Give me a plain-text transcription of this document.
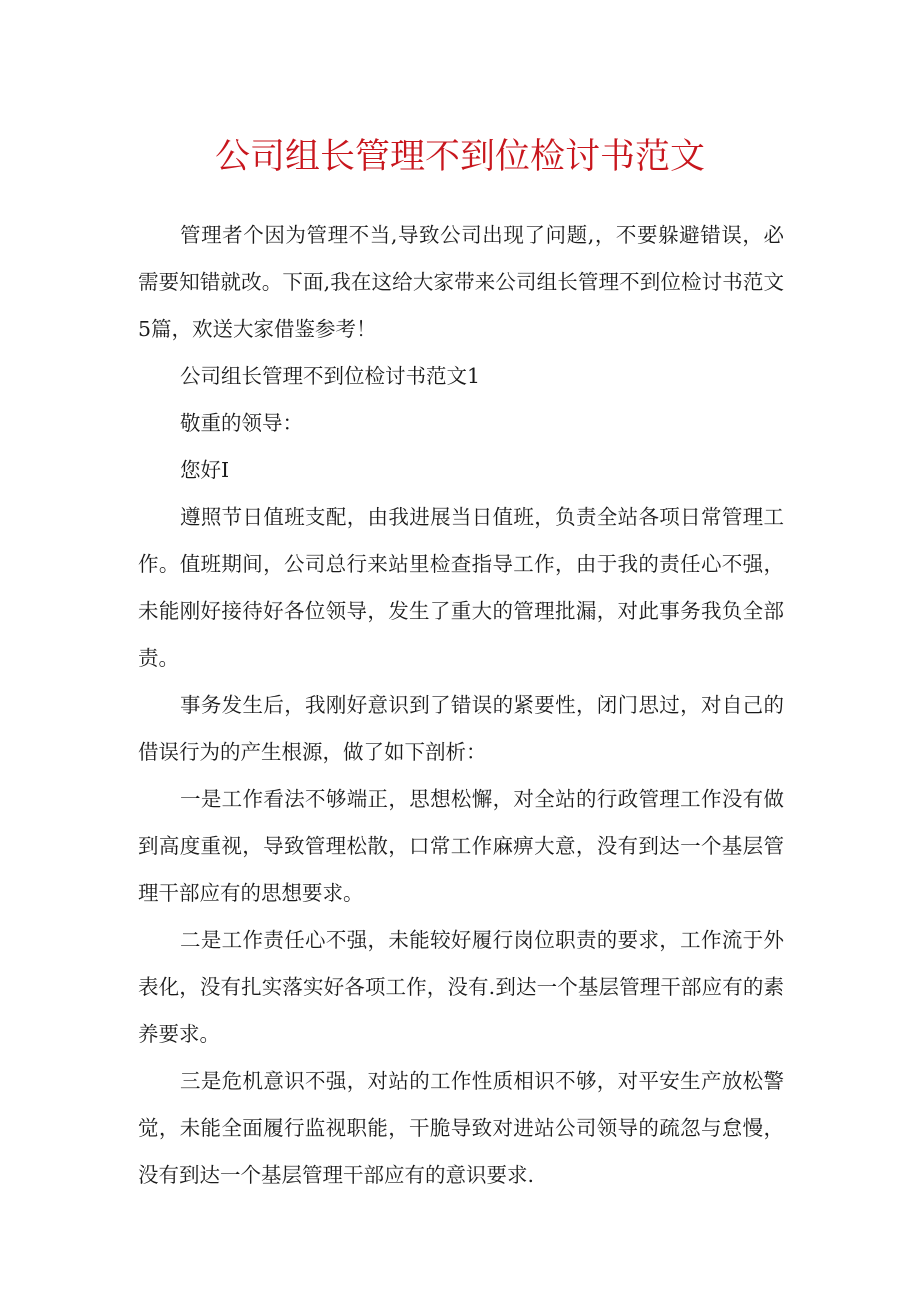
公司组长管理不到位检讨书范文

管理者个因为管理不当,导致公司出现了问题,，不要躲避错误，必需要知错就改。下面,我在这给大家带来公司组长管理不到位检讨书范文5篇，欢送大家借鉴参考！

公司组长管理不到位检讨书范文1

敬重的领导：

您好I

遵照节日值班支配，由我进展当日值班，负责全站各项日常管理工作。值班期间，公司总行来站里检查指导工作，由于我的责任心不强，未能刚好接待好各位领导，发生了重大的管理批漏，对此事务我负全部责。

事务发生后，我刚好意识到了错误的紧要性，闭门思过，对自己的借误行为的产生根源，做了如下剖析：

一是工作看法不够端正，思想松懈，对全站的行政管理工作没有做到高度重视，导致管理松散，口常工作麻痹大意，没有到达一个基层管理干部应有的思想要求。

二是工作责任心不强，未能较好履行岗位职责的要求，工作流于外表化，没有扎实落实好各项工作，没有.到达一个基层管理干部应有的素养要求。

三是危机意识不强，对站的工作性质相识不够，对平安生产放松警觉，未能全面履行监视职能，干脆导致对进站公司领导的疏忽与怠慢，没有到达一个基层管理干部应有的意识要求.
